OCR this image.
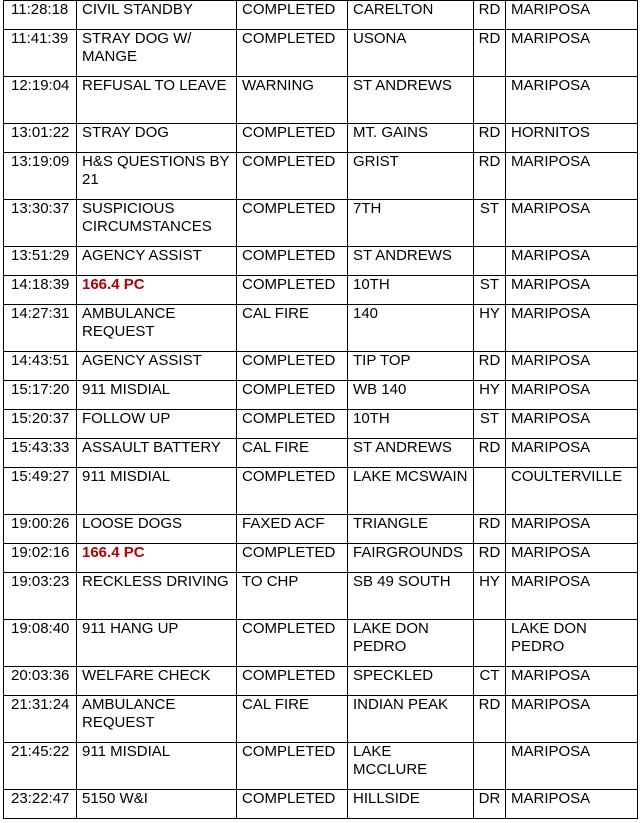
11:28:18	CIVIL STANDBY	COMPLETED	CARELTON	RD	MARIPOSA
11:41:39	STRAY DOG W/ MANGE	COMPLETED	USONA	RD	MARIPOSA
12:19:04	REFUSAL TO LEAVE	WARNING	ST ANDREWS		MARIPOSA
13:01:22	STRAY DOG	COMPLETED	MT. GAINS	RD	HORNITOS
13:19:09	H&S QUESTIONS BY 21	COMPLETED	GRIST	RD	MARIPOSA
13:30:37	SUSPICIOUS CIRCUMSTANCES	COMPLETED	7TH	ST	MARIPOSA
13:51:29	AGENCY ASSIST	COMPLETED	ST ANDREWS		MARIPOSA
14:18:39	166.4 PC	COMPLETED	10TH	ST	MARIPOSA
14:27:31	AMBULANCE REQUEST	CAL FIRE	140	HY	MARIPOSA
14:43:51	AGENCY ASSIST	COMPLETED	TIP TOP	RD	MARIPOSA
15:17:20	911 MISDIAL	COMPLETED	WB 140	HY	MARIPOSA
15:20:37	FOLLOW UP	COMPLETED	10TH	ST	MARIPOSA
15:43:33	ASSAULT BATTERY	CAL FIRE	ST ANDREWS	RD	MARIPOSA
15:49:27	911 MISDIAL	COMPLETED	LAKE MCSWAIN		COULTERVILLE
19:00:26	LOOSE DOGS	FAXED ACF	TRIANGLE	RD	MARIPOSA
19:02:16	166.4 PC	COMPLETED	FAIRGROUNDS	RD	MARIPOSA
19:03:23	RECKLESS DRIVING	TO CHP	SB 49 SOUTH	HY	MARIPOSA
19:08:40	911 HANG UP	COMPLETED	LAKE DON PEDRO		LAKE DON PEDRO
20:03:36	WELFARE CHECK	COMPLETED	SPECKLED	CT	MARIPOSA
21:31:24	AMBULANCE REQUEST	CAL FIRE	INDIAN PEAK	RD	MARIPOSA
21:45:22	911 MISDIAL	COMPLETED	LAKE MCCLURE		MARIPOSA
23:22:47	5150 W&I	COMPLETED	HILLSIDE	DR	MARIPOSA
